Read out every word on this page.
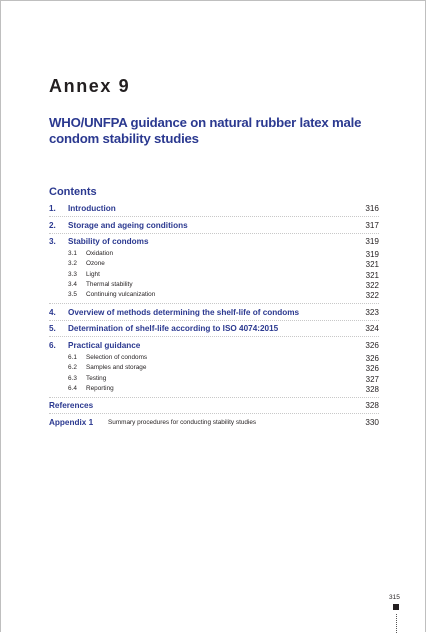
Annex 9
WHO/UNFPA guidance on natural rubber latex male condom stability studies
Contents
1. Introduction	316
2. Storage and ageing conditions	317
3. Stability of condoms	319
3.1 Oxidation	319
3.2 Ozone	321
3.3 Light	321
3.4 Thermal stability	322
3.5 Continuing vulcanization	322
4. Overview of methods determining the shelf-life of condoms	323
5. Determination of shelf-life according to ISO 4074:2015	324
6. Practical guidance	326
6.1 Selection of condoms	326
6.2 Samples and storage	326
6.3 Testing	327
6.4 Reporting	328
References	328
Appendix 1 Summary procedures for conducting stability studies	330
315
